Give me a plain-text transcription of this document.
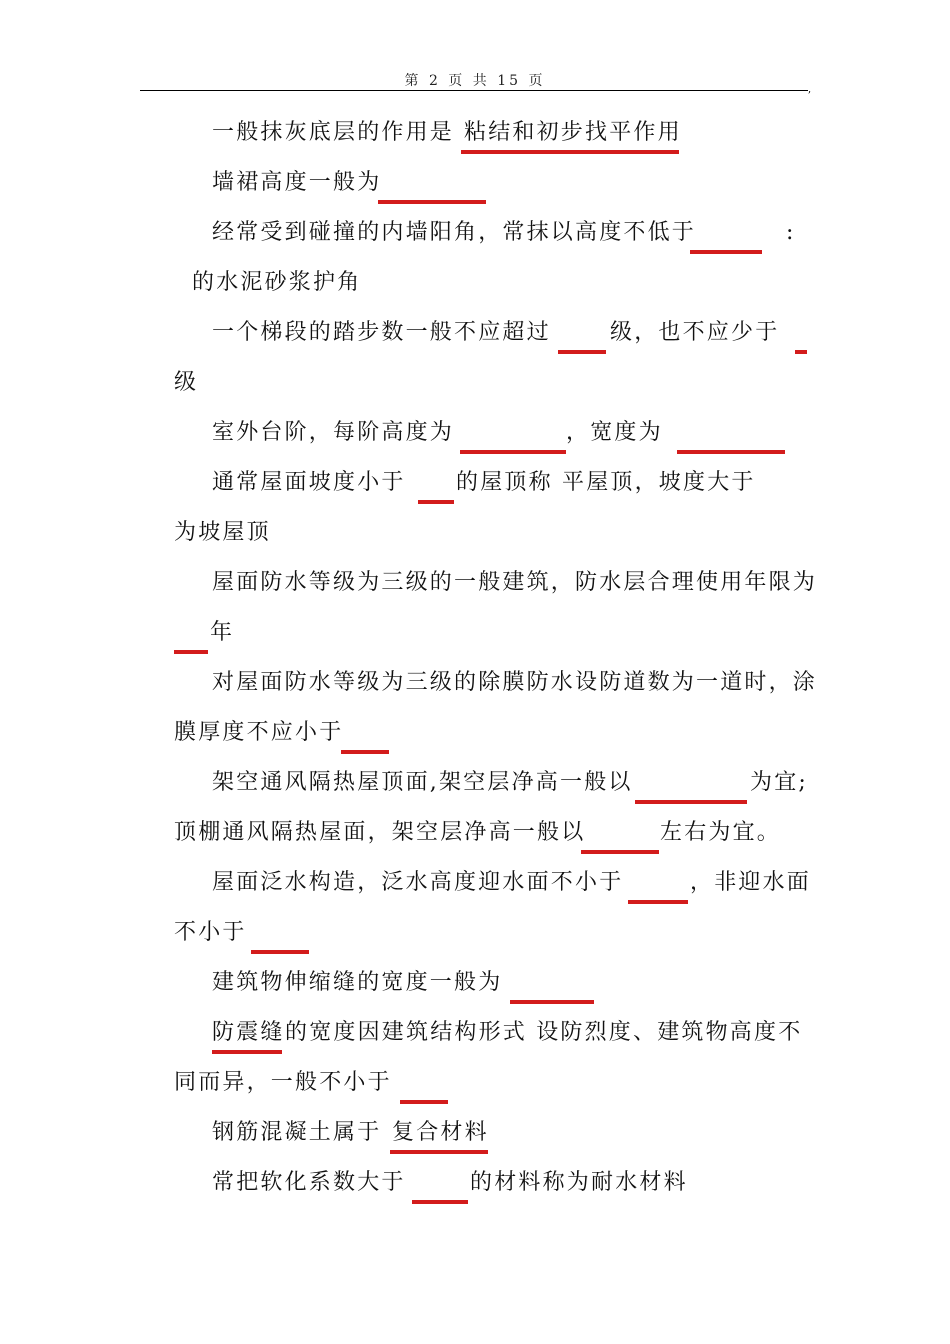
第 2 页 共 15 页
,
一般抹灰底层的作用是 粘结和初步找平作用
墙裙高度一般为
经常受到碰撞的内墙阳角，常抹以高度不低于	:
的水泥砂浆护角
一个梯段的踏步数一般不应超过	级，也不应少于
级
室外台阶，每阶高度为	，宽度为
通常屋面坡度小于 的屋顶称 平屋顶，坡度大于
为坡屋顶
屋面防水等级为三级的一般建筑，防水层合理使用年限为
年
对屋面防水等级为三级的除膜防水设防道数为一道时，涂
膜厚度不应小于
架空通风隔热屋顶面,架空层净高一般以	为宜;
顶棚通风隔热屋面，架空层净高一般以	左右为宜。
屋面泛水构造，泛水高度迎水面不小于	，非迎水面
不小于
建筑物伸缩缝的宽度一般为
防震缝 的宽度因建筑结构形式 设防烈度、建筑物高度不
同而异，一般不小于
钢筋混凝土属于 复合材料
常把软化系数大于	的材料称为耐水材料
